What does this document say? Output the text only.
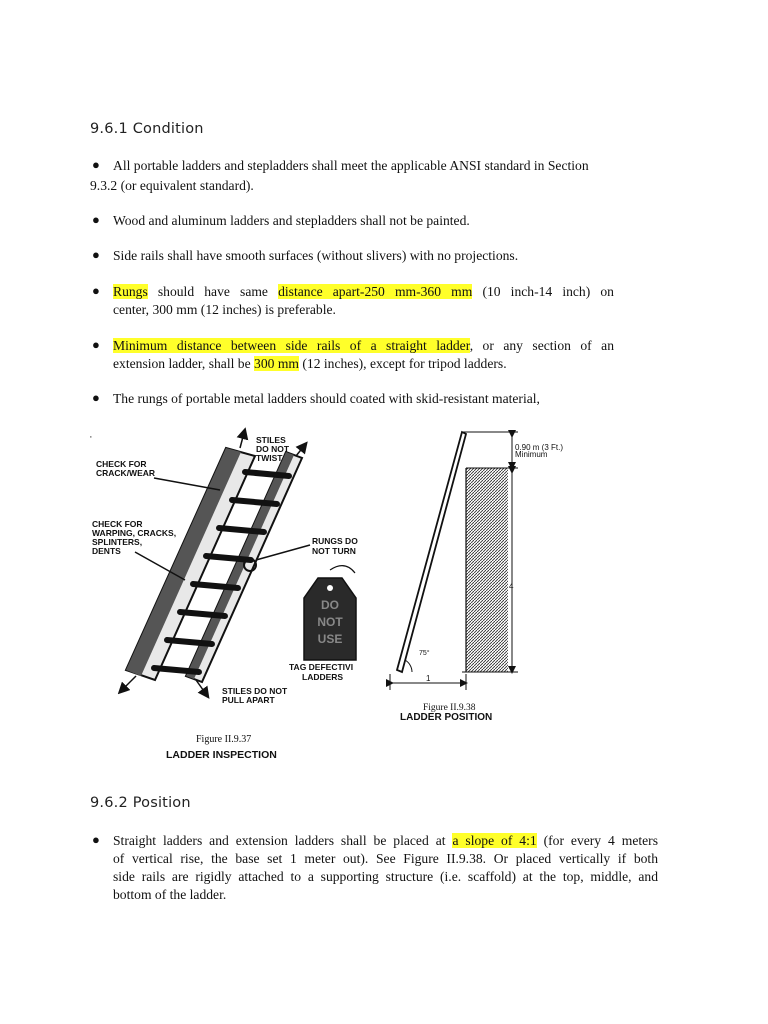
9.6.1 Condition
● All portable ladders and stepladders shall meet the applicable ANSI standard in Section
9.3.2 (or equivalent standard).
● Wood and aluminum ladders and stepladders shall not be painted.
● Side rails shall have smooth surfaces (without slivers) with no projections.
● Rungs should have same distance apart-250 mm-360 mm (10 inch-14 inch) on
center, 300 mm (12 inches) is preferable.
● Minimum distance between side rails of a straight ladder, or any section of an
extension ladder, shall be 300 mm (12 inches), except for tripod ladders.
● The rungs of portable metal ladders should coated with skid-resistant material,
·	STILES
DO NOT
TWIST
CHECK FOR
CRACK/WEAR
CHECK FOR
WARPING, CRACKS,
SPLINTERS,
DENTS
RUNGS DO
NOT TURN
TAG DEFECTIVI
LADDERS
STILES DO NOT
PULL APART
DO
NOT
USE
Figure II.9.37
LADDER INSPECTION
0.90 m (3 Ft.)
Minimum
4
75°
1
Figure II.9.38
LADDER POSITION
9.6.2 Position
● Straight ladders and extension ladders shall be placed at a slope of 4:1 (for every 4 meters
of vertical rise, the base set 1 meter out). See Figure II.9.38. Or placed vertically if both
side rails are rigidly attached to a supporting structure (i.e. scaffold) at the top, middle, and
bottom of the ladder.
